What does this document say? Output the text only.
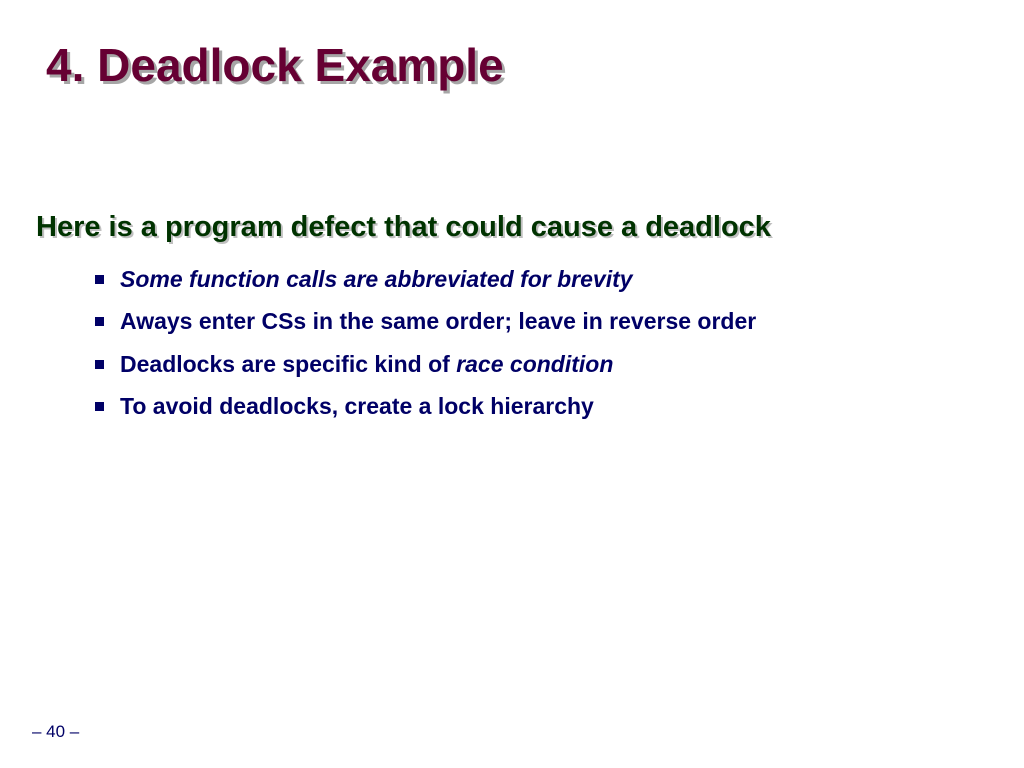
4. Deadlock Example

Here is a program defect that could cause a deadlock

Some function calls are abbreviated for brevity
Aways enter CSs in the same order; leave in reverse order
Deadlocks are specific kind of race condition
To avoid deadlocks, create a lock hierarchy
– 40 –
